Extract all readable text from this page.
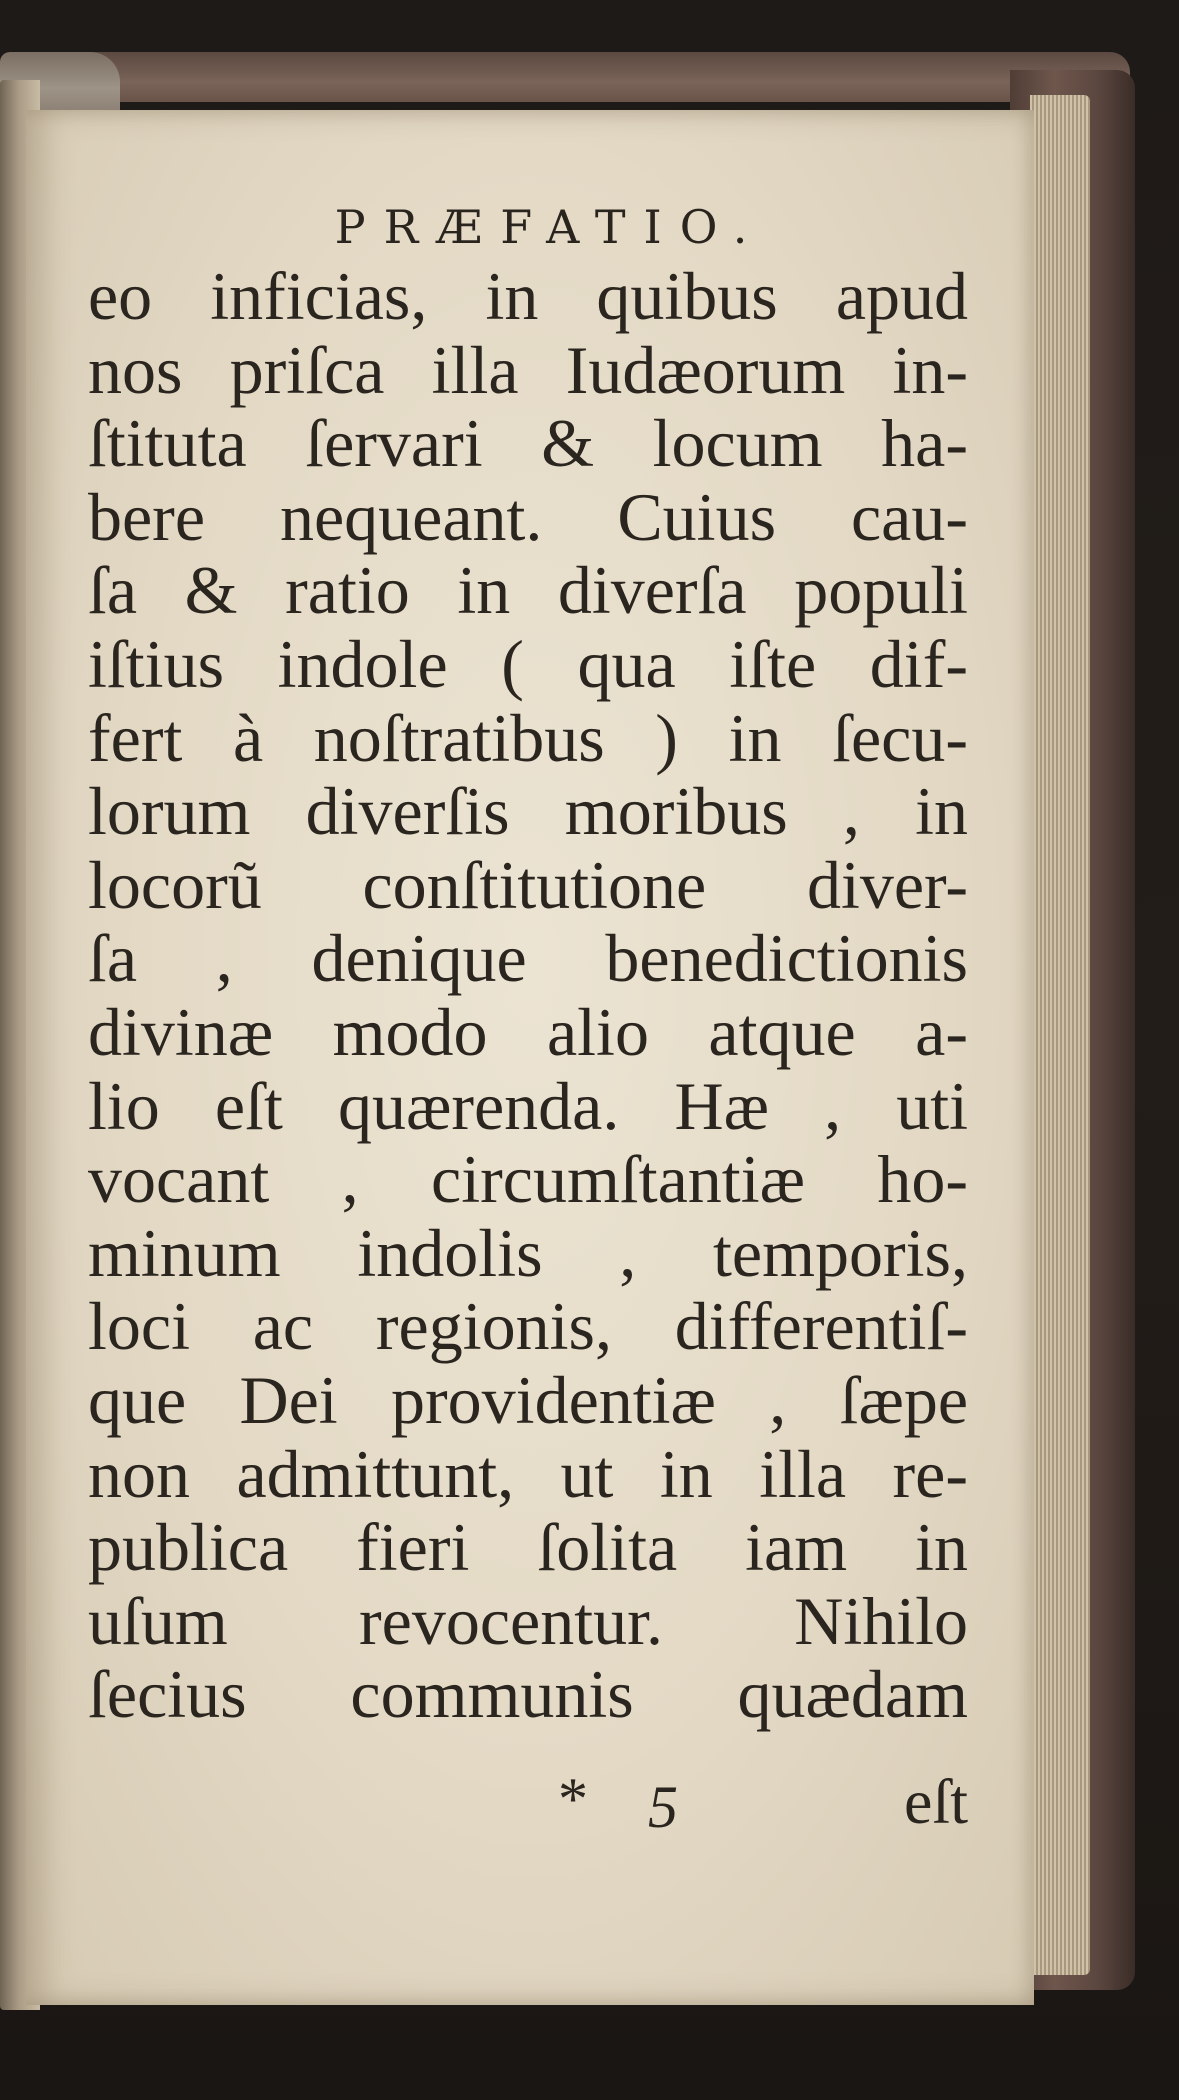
PRÆFATIO.
eo inficias, in quibus apud
nos priſca illa Iudæorum in-
ſtituta ſervari & locum ha-
bere nequeant. Cuius cau-
ſa & ratio in diverſa populi
iſtius indole ( qua iſte dif-
fert à noſtratibus ) in ſecu-
lorum diverſis moribus , in
locorũ conſtitutione diver-
ſa , denique benedictionis
divinæ modo alio atque a-
lio eſt quærenda. Hæ , uti
vocant , circumſtantiæ ho-
minum indolis , temporis,
loci ac regionis, differentiſ-
que Dei providentiæ , ſæpe
non admittunt, ut in illa re-
publica fieri ſolita iam in
uſum revocentur. Nihilo
ſecius communis quædam
* 5	eſt
